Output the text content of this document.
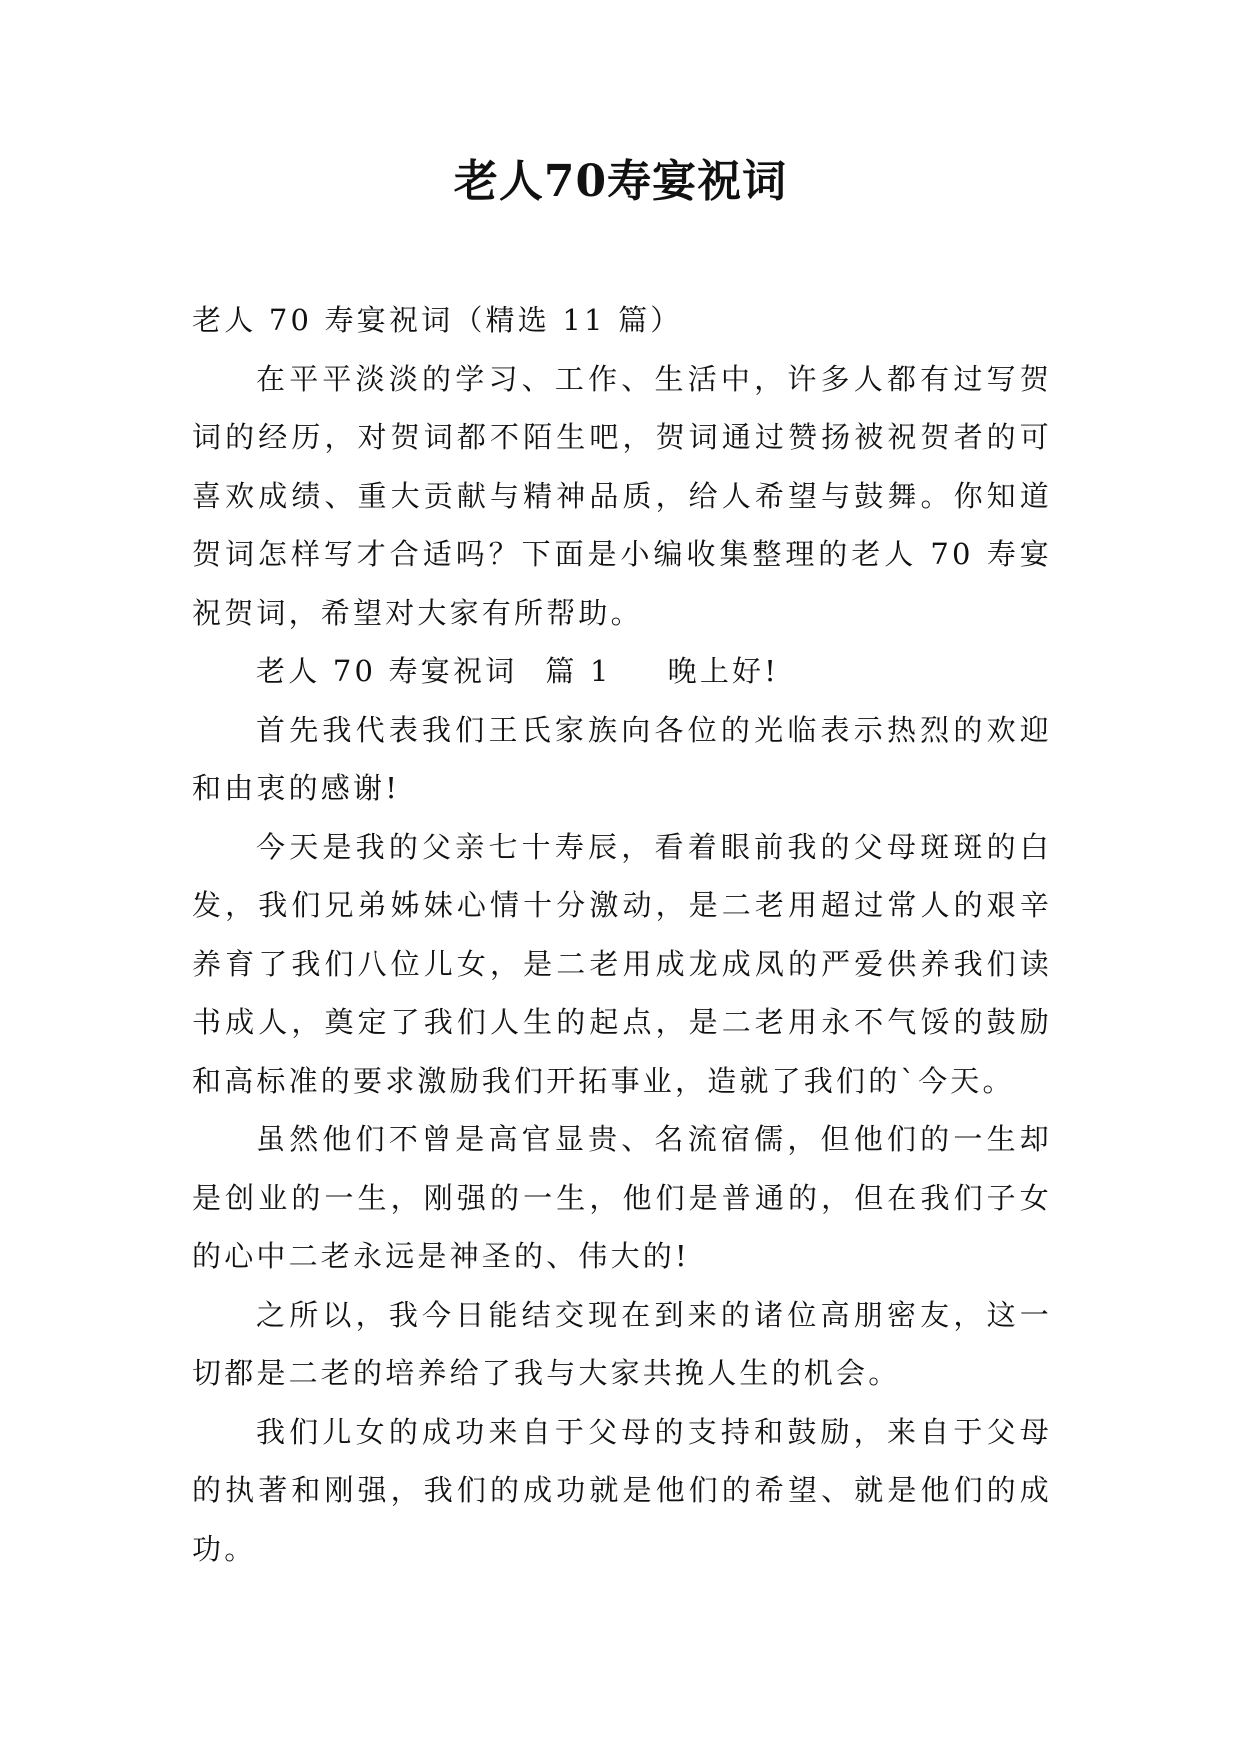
老人70寿宴祝词

老人 70 寿宴祝词（精选 11 篇）

在平平淡淡的学习、工作、生活中，许多人都有过写贺词的经历，对贺词都不陌生吧，贺词通过赞扬被祝贺者的可喜欢成绩、重大贡献与精神品质，给人希望与鼓舞。你知道贺词怎样写才合适吗？下面是小编收集整理的老人 70 寿宴祝贺词，希望对大家有所帮助。

老人 70 寿宴祝词 篇 1 晚上好!

首先我代表我们王氏家族向各位的光临表示热烈的欢迎和由衷的感谢!

今天是我的父亲七十寿辰，看着眼前我的父母斑斑的白发，我们兄弟姊妹心情十分激动，是二老用超过常人的艰辛养育了我们八位儿女，是二老用成龙成凤的严爱供养我们读书成人，奠定了我们人生的起点，是二老用永不气馁的鼓励和高标准的要求激励我们开拓事业，造就了我们的`今天。

虽然他们不曾是高官显贵、名流宿儒，但他们的一生却是创业的一生，刚强的一生，他们是普通的，但在我们子女的心中二老永远是神圣的、伟大的!

之所以，我今日能结交现在到来的诸位高朋密友，这一切都是二老的培养给了我与大家共挽人生的机会。

我们儿女的成功来自于父母的支持和鼓励，来自于父母的执著和刚强，我们的成功就是他们的希望、就是他们的成功。
